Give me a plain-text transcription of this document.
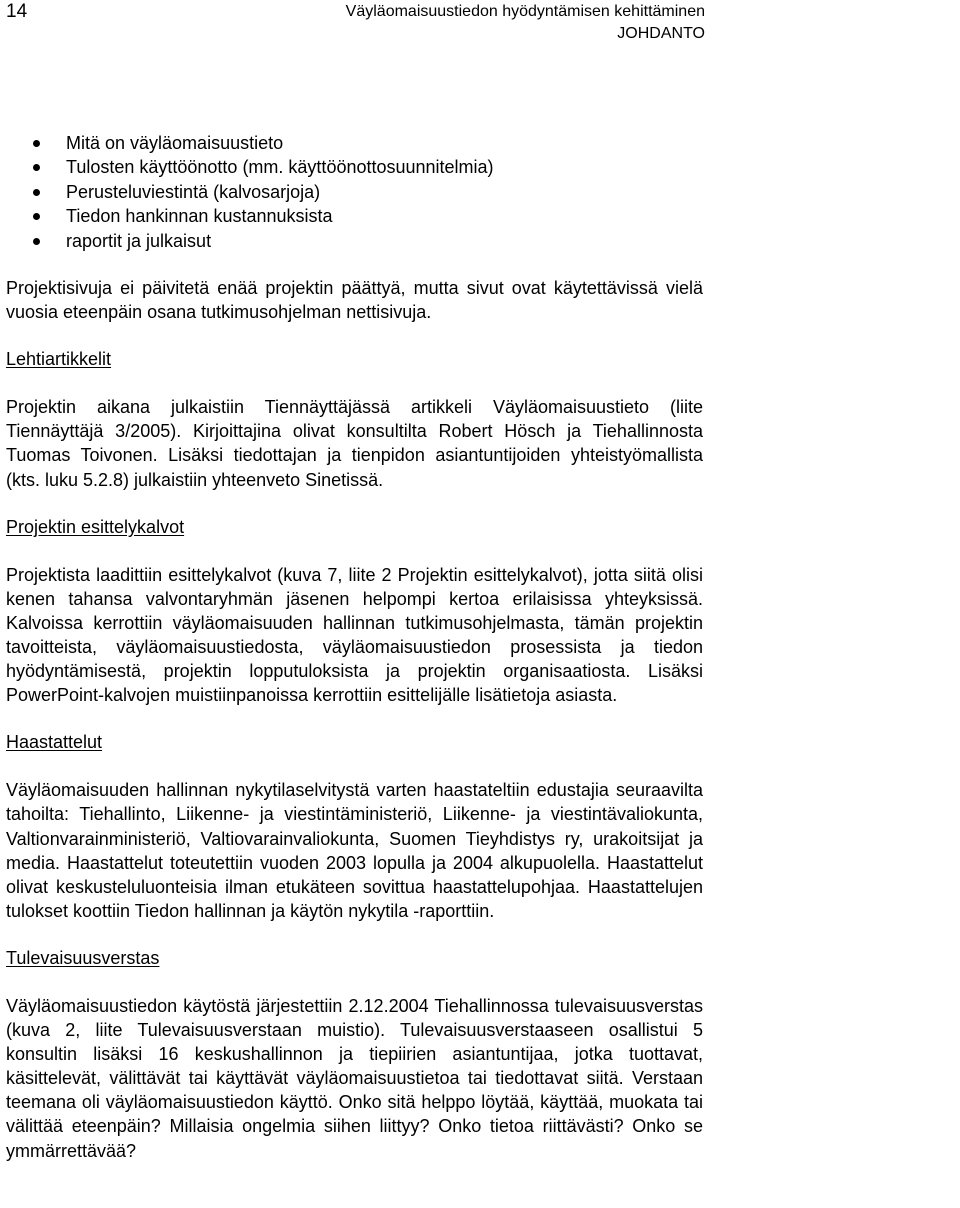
14	Väyläomaisuustiedon hyödyntämisen kehittäminen
JOHDANTO
Mitä on väyläomaisuustieto
Tulosten käyttöönotto (mm. käyttöönottosuunnitelmia)
Perusteluviestintä (kalvosarjoja)
Tiedon hankinnan kustannuksista
raportit ja julkaisut

Projektisivuja ei päivitetä enää projektin päättyä, mutta sivut ovat käytettävissä vielä vuosia eteenpäin osana tutkimusohjelman nettisivuja.

Lehtiartikkelit

Projektin aikana julkaistiin Tiennäyttäjässä artikkeli Väyläomaisuustieto (liite Tiennäyttäjä 3/2005). Kirjoittajina olivat konsultilta Robert Hösch ja Tiehallinnosta Tuomas Toivonen. Lisäksi tiedottajan ja tienpidon asiantuntijoiden yhteistyömallista (kts. luku 5.2.8) julkaistiin yhteenveto Sinetissä.

Projektin esittelykalvot

Projektista laadittiin esittelykalvot (kuva 7, liite 2 Projektin esittelykalvot), jotta siitä olisi kenen tahansa valvontaryhmän jäsenen helpompi kertoa erilaisissa yhteyksissä. Kalvoissa kerrottiin väyläomaisuuden hallinnan tutkimusohjelmasta, tämän projektin tavoitteista, väyläomaisuustiedosta, väyläomaisuustiedon prosessista ja tiedon hyödyntämisestä, projektin lopputuloksista ja projektin organisaatiosta. Lisäksi PowerPoint-kalvojen muistiinpanoissa kerrottiin esittelijälle lisätietoja asiasta.

Haastattelut

Väyläomaisuuden hallinnan nykytilaselvitystä varten haastateltiin edustajia seuraavilta tahoilta: Tiehallinto, Liikenne- ja viestintäministeriö, Liikenne- ja viestintävaliokunta, Valtionvarainministeriö, Valtiovarainvaliokunta, Suomen Tieyhdistys ry, urakoitsijat ja media. Haastattelut toteutettiin vuoden 2003 lopulla ja 2004 alkupuolella. Haastattelut olivat keskusteluluonteisia ilman etukäteen sovittua haastattelupohjaa. Haastattelujen tulokset koottiin Tiedon hallinnan ja käytön nykytila -raporttiin.

Tulevaisuusverstas

Väyläomaisuustiedon käytöstä järjestettiin 2.12.2004 Tiehallinnossa tulevaisuusverstas (kuva 2, liite Tulevaisuusverstaan muistio). Tulevaisuusverstaaseen osallistui 5 konsultin lisäksi 16 keskushallinnon ja tiepiirien asiantuntijaa, jotka tuottavat, käsittelevät, välittävät tai käyttävät väyläomaisuustietoa tai tiedottavat siitä. Verstaan teemana oli väyläomaisuustiedon käyttö. Onko sitä helppo löytää, käyttää, muokata tai välittää eteenpäin? Millaisia ongelmia siihen liittyy? Onko tietoa riittävästi? Onko se ymmärrettävää?
